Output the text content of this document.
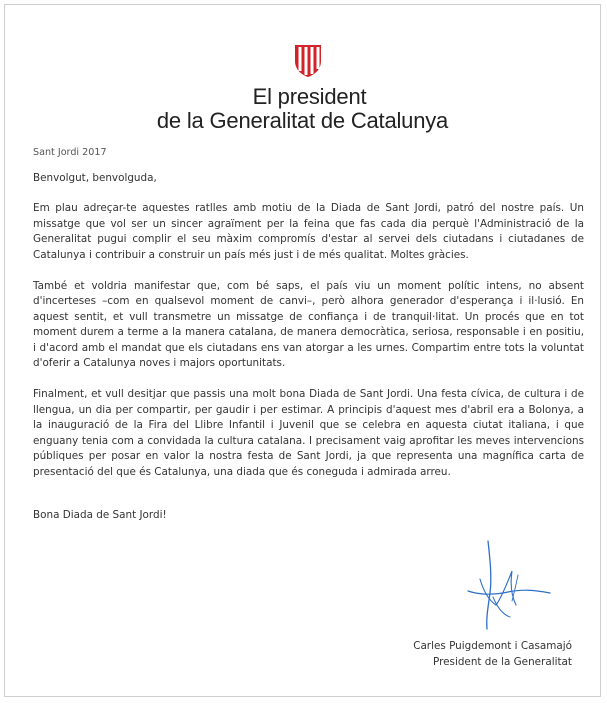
El president
de la Generalitat de Catalunya
Sant Jordi 2017
Benvolgut, benvolguda,

Em plau adreçar-te aquestes ratlles amb motiu de la Diada de Sant Jordi, patró del nostre país. Un missatge que vol ser un sincer agraïment per la feina que fas cada dia perquè l'Administració de la Generalitat pugui complir el seu màxim compromís d'estar al servei dels ciutadans i ciutadanes de Catalunya i contribuir a construir un país més just i de més qualitat. Moltes gràcies.

També et voldria manifestar que, com bé saps, el país viu un moment polític intens, no absent d'incerteses –com en qualsevol moment de canvi–, però alhora generador d'esperança i il·lusió. En aquest sentit, et vull transmetre un missatge de confiança i de tranquil·litat. Un procés que en tot moment durem a terme a la manera catalana, de manera democràtica, seriosa, responsable i en positiu, i d'acord amb el mandat que els ciutadans ens van atorgar a les urnes. Compartim entre tots la voluntat d'oferir a Catalunya noves i majors oportunitats.

Finalment, et vull desitjar que passis una molt bona Diada de Sant Jordi. Una festa cívica, de cultura i de llengua, un dia per compartir, per gaudir i per estimar. A principis d'aquest mes d'abril era a Bolonya, a la inauguració de la Fira del Llibre Infantil i Juvenil que se celebra en aquesta ciutat italiana, i que enguany tenia com a convidada la cultura catalana. I precisament vaig aprofitar les meves intervencions públiques per posar en valor la nostra festa de Sant Jordi, ja que representa una magnífica carta de presentació del que és Catalunya, una diada que és coneguda i admirada arreu.

Bona Diada de Sant Jordi!
Carles Puigdemont i Casamajó
President de la Generalitat
